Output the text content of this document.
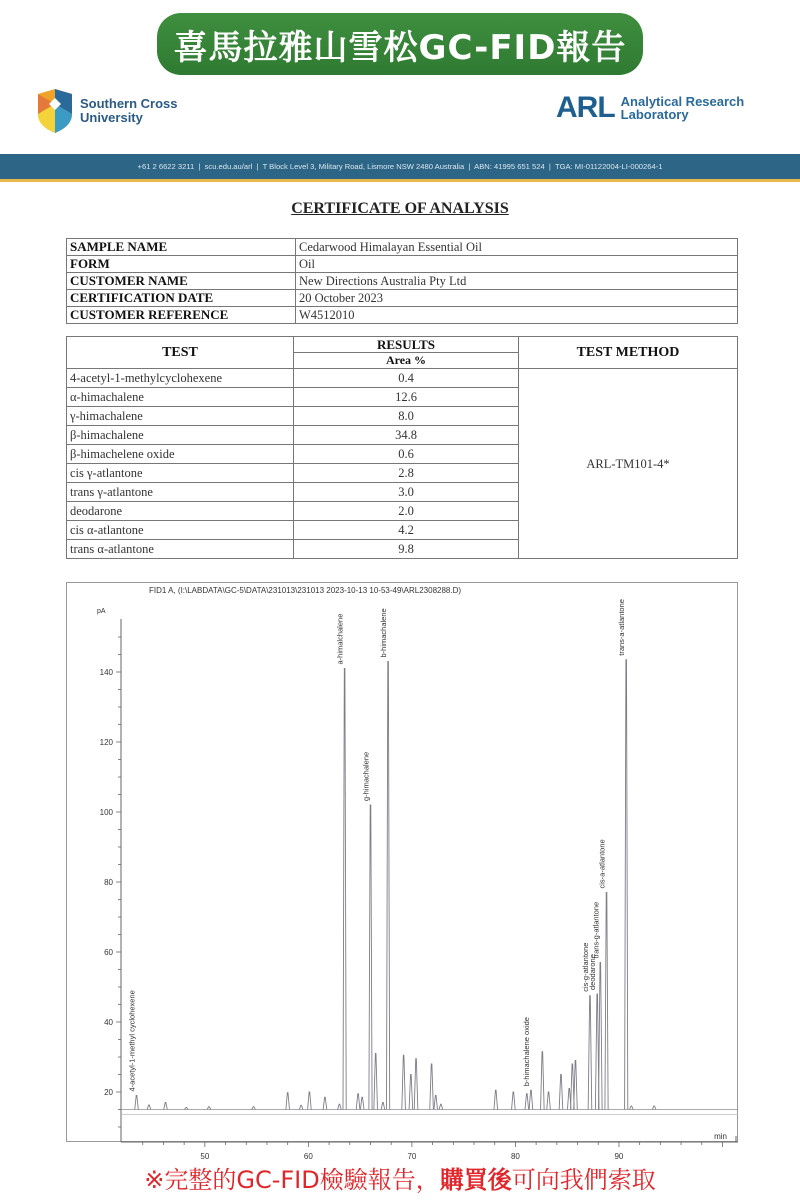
喜馬拉雅山雪松GC-FID報告
Southern Cross
University	ARL Analytical Research
Laboratory
+61 2 6622 3211  |  scu.edu.au/arl  |  T Block Level 3, Military Road, Lismore NSW 2480 Australia  |  ABN: 41995 651 524  |  TGA: MI-01122004-LI-000264-1
CERTIFICATE OF ANALYSIS
SAMPLE NAME	Cedarwood Himalayan Essential Oil
FORM	Oil
CUSTOMER NAME	New Directions Australia Pty Ltd
CERTIFICATION DATE	20 October 2023
CUSTOMER REFERENCE	W4512010
TEST	RESULTS	TEST METHOD
	Area %	
4-acetyl-1-methylcyclohexene	0.4	ARL-TM101-4*
α-himachalene	12.6	
γ-himachalene	8.0	
β-himachalene	34.8	
β-himachelene oxide	0.6	
cis γ-atlantone	2.8	
trans γ-atlantone	3.0	
deodarone	2.0	
cis α-atlantone	4.2	
trans α-atlantone	9.8	
FID1 A, (I:\LABDATA\GC-5\DATA\231013\231013 2023-10-13 10-53-49\ARL2308288.D)
pA
min
20
40
60
80
100
120
140
50	60	70	80	90
4-acetyl-1-methyl cyclohexene
a-himalchalene
g-himachalene
b-himachalene
b-himachalene oxide
cis-g-atlantone
deodarone
trans-g-atlantone
cis-a-atlantone
trans-a-atlantone
※完整的GC-FID檢驗報告，購買後可向我們索取
